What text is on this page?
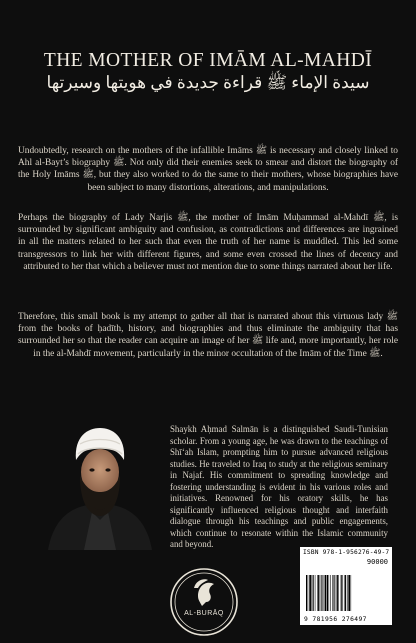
THE MOTHER OF IMĀM AL-MAHDĪ
سيدة الإماء ﷺ قراءة جديدة في هويتها وسيرتها
Undoubtedly, research on the mothers of the infallible Imāms ﷺ is necessary and closely linked to Ahl al-Bayt’s biography ﷺ. Not only did their enemies seek to smear and distort the biography of the Holy Imāms ﷺ, but they also worked to do the same to their mothers, whose biographies have been subject to many distortions, alterations, and manipulations.
Perhaps the biography of Lady Narjis ﷺ, the mother of Imām Muḥammad al-Mahdī ﷺ, is surrounded by significant ambiguity and confusion, as contradictions and differences are ingrained in all the matters related to her such that even the truth of her name is muddled. This led some transgressors to link her with different figures, and some even crossed the lines of decency and attributed to her that which a believer must not mention due to some things narrated about her life.
Therefore, this small book is my attempt to gather all that is narrated about this virtuous lady ﷺ from the books of ḥadīth, history, and biographies and thus eliminate the ambiguity that has surrounded her so that the reader can acquire an image of her ﷺ life and, more importantly, her role in the al-Mahdī movement, particularly in the minor occultation of the Imām of the Time ﷺ.
Shaykh Aḥmad Salmān is a distinguished Saudi-Tunisian scholar. From a young age, he was drawn to the teachings of Shī‘ah Islam, prompting him to pursue advanced religious studies. He traveled to Iraq to study at the religious seminary in Najaf. His commitment to spreading knowledge and fostering understanding is evident in his various roles and initiatives. Renowned for his oratory skills, he has significantly influenced religious thought and interfaith dialogue through his teachings and public engagements, which continue to resonate within the Islamic community and beyond.
AL-BURĀQ
ISBN 978-1-956276-49-7
90000
9 781956 276497
